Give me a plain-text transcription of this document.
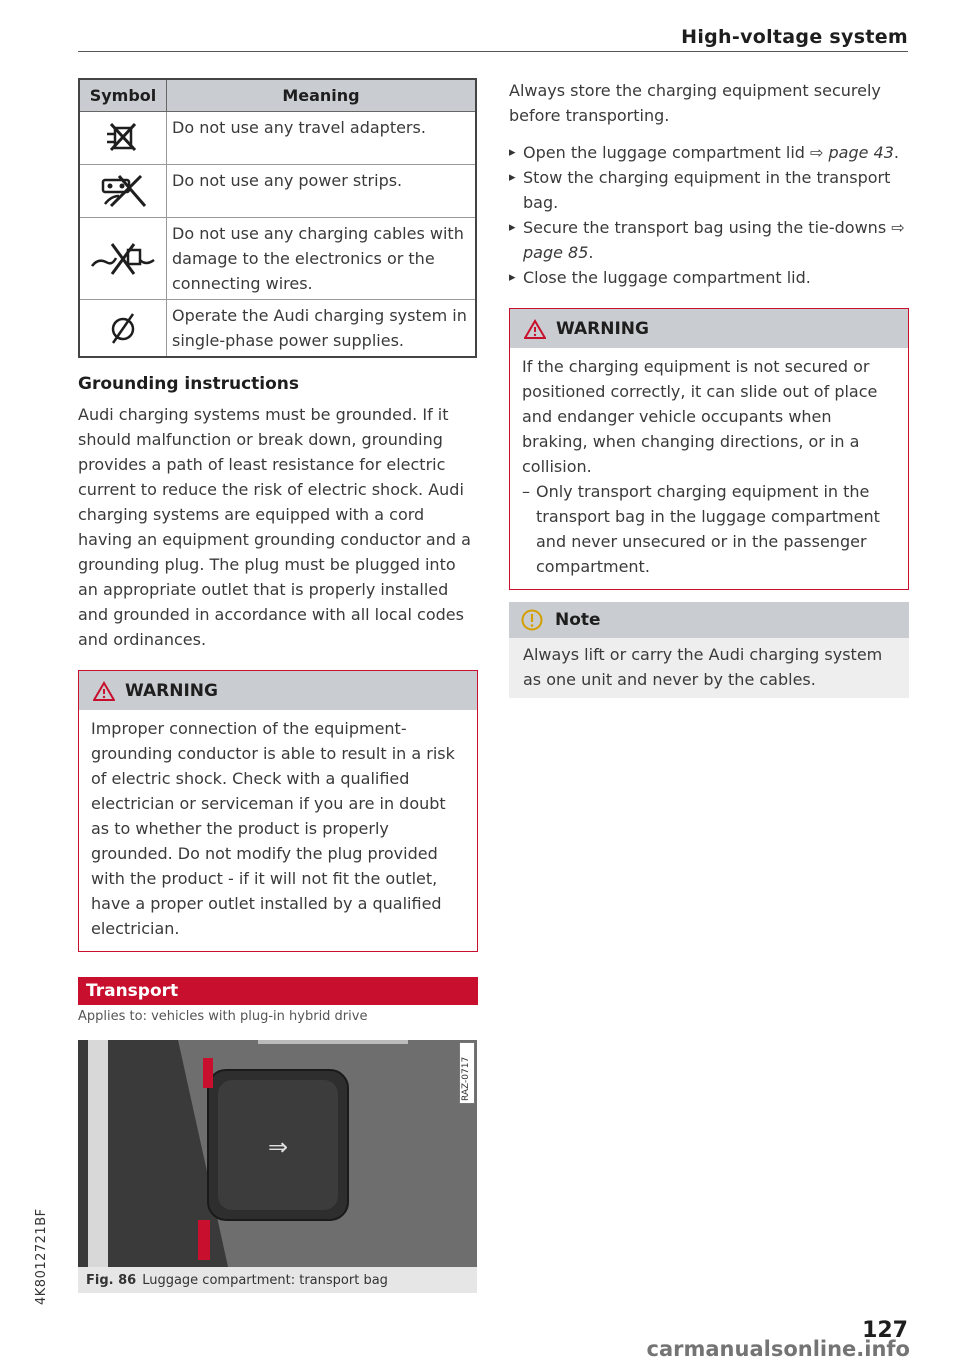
High-voltage system
Symbol	Meaning

	Do not use any travel adapters.

	Do not use any power strips.

	Do not use any charging cables with damage to the electronics or the connecting wires.

	Operate the Audi charging system in single-phase power supplies.
Grounding instructions

Audi charging systems must be grounded. If it should malfunction or break down, grounding provides a path of least resistance for electric current to reduce the risk of electric shock. Audi charging systems are equipped with a cord having an equipment grounding conductor and a grounding plug. The plug must be plugged into an appropriate outlet that is properly installed and grounded in accordance with all local codes and ordinances.

WARNING
Improper connection of the equipment-grounding conductor is able to result in a risk of electric shock. Check with a qualified electrician or serviceman if you are in doubt as to whether the product is properly grounded. Do not modify the plug provided with the product - if it will not fit the outlet, have a proper outlet installed by a qualified electrician.
Transport
Applies to: vehicles with plug-in hybrid drive
⇒
RAZ-0717
Fig. 86 Luggage compartment: transport bag

Always store the charging equipment securely before transporting.

▸ Open the luggage compartment lid ⇨ page 43.
▸ Stow the charging equipment in the transport bag.
▸ Secure the transport bag using the tie-downs ⇨ page 85.
▸ Close the luggage compartment lid.
WARNING
If the charging equipment is not secured or positioned correctly, it can slide out of place and endanger vehicle occupants when braking, when changing directions, or in a collision.
– Only transport charging equipment in the transport bag in the luggage compartment and never unsecured or in the passenger compartment.
Note
Always lift or carry the Audi charging system as one unit and never by the cables.
4K8012721BF
127
carmanualsonline.info
